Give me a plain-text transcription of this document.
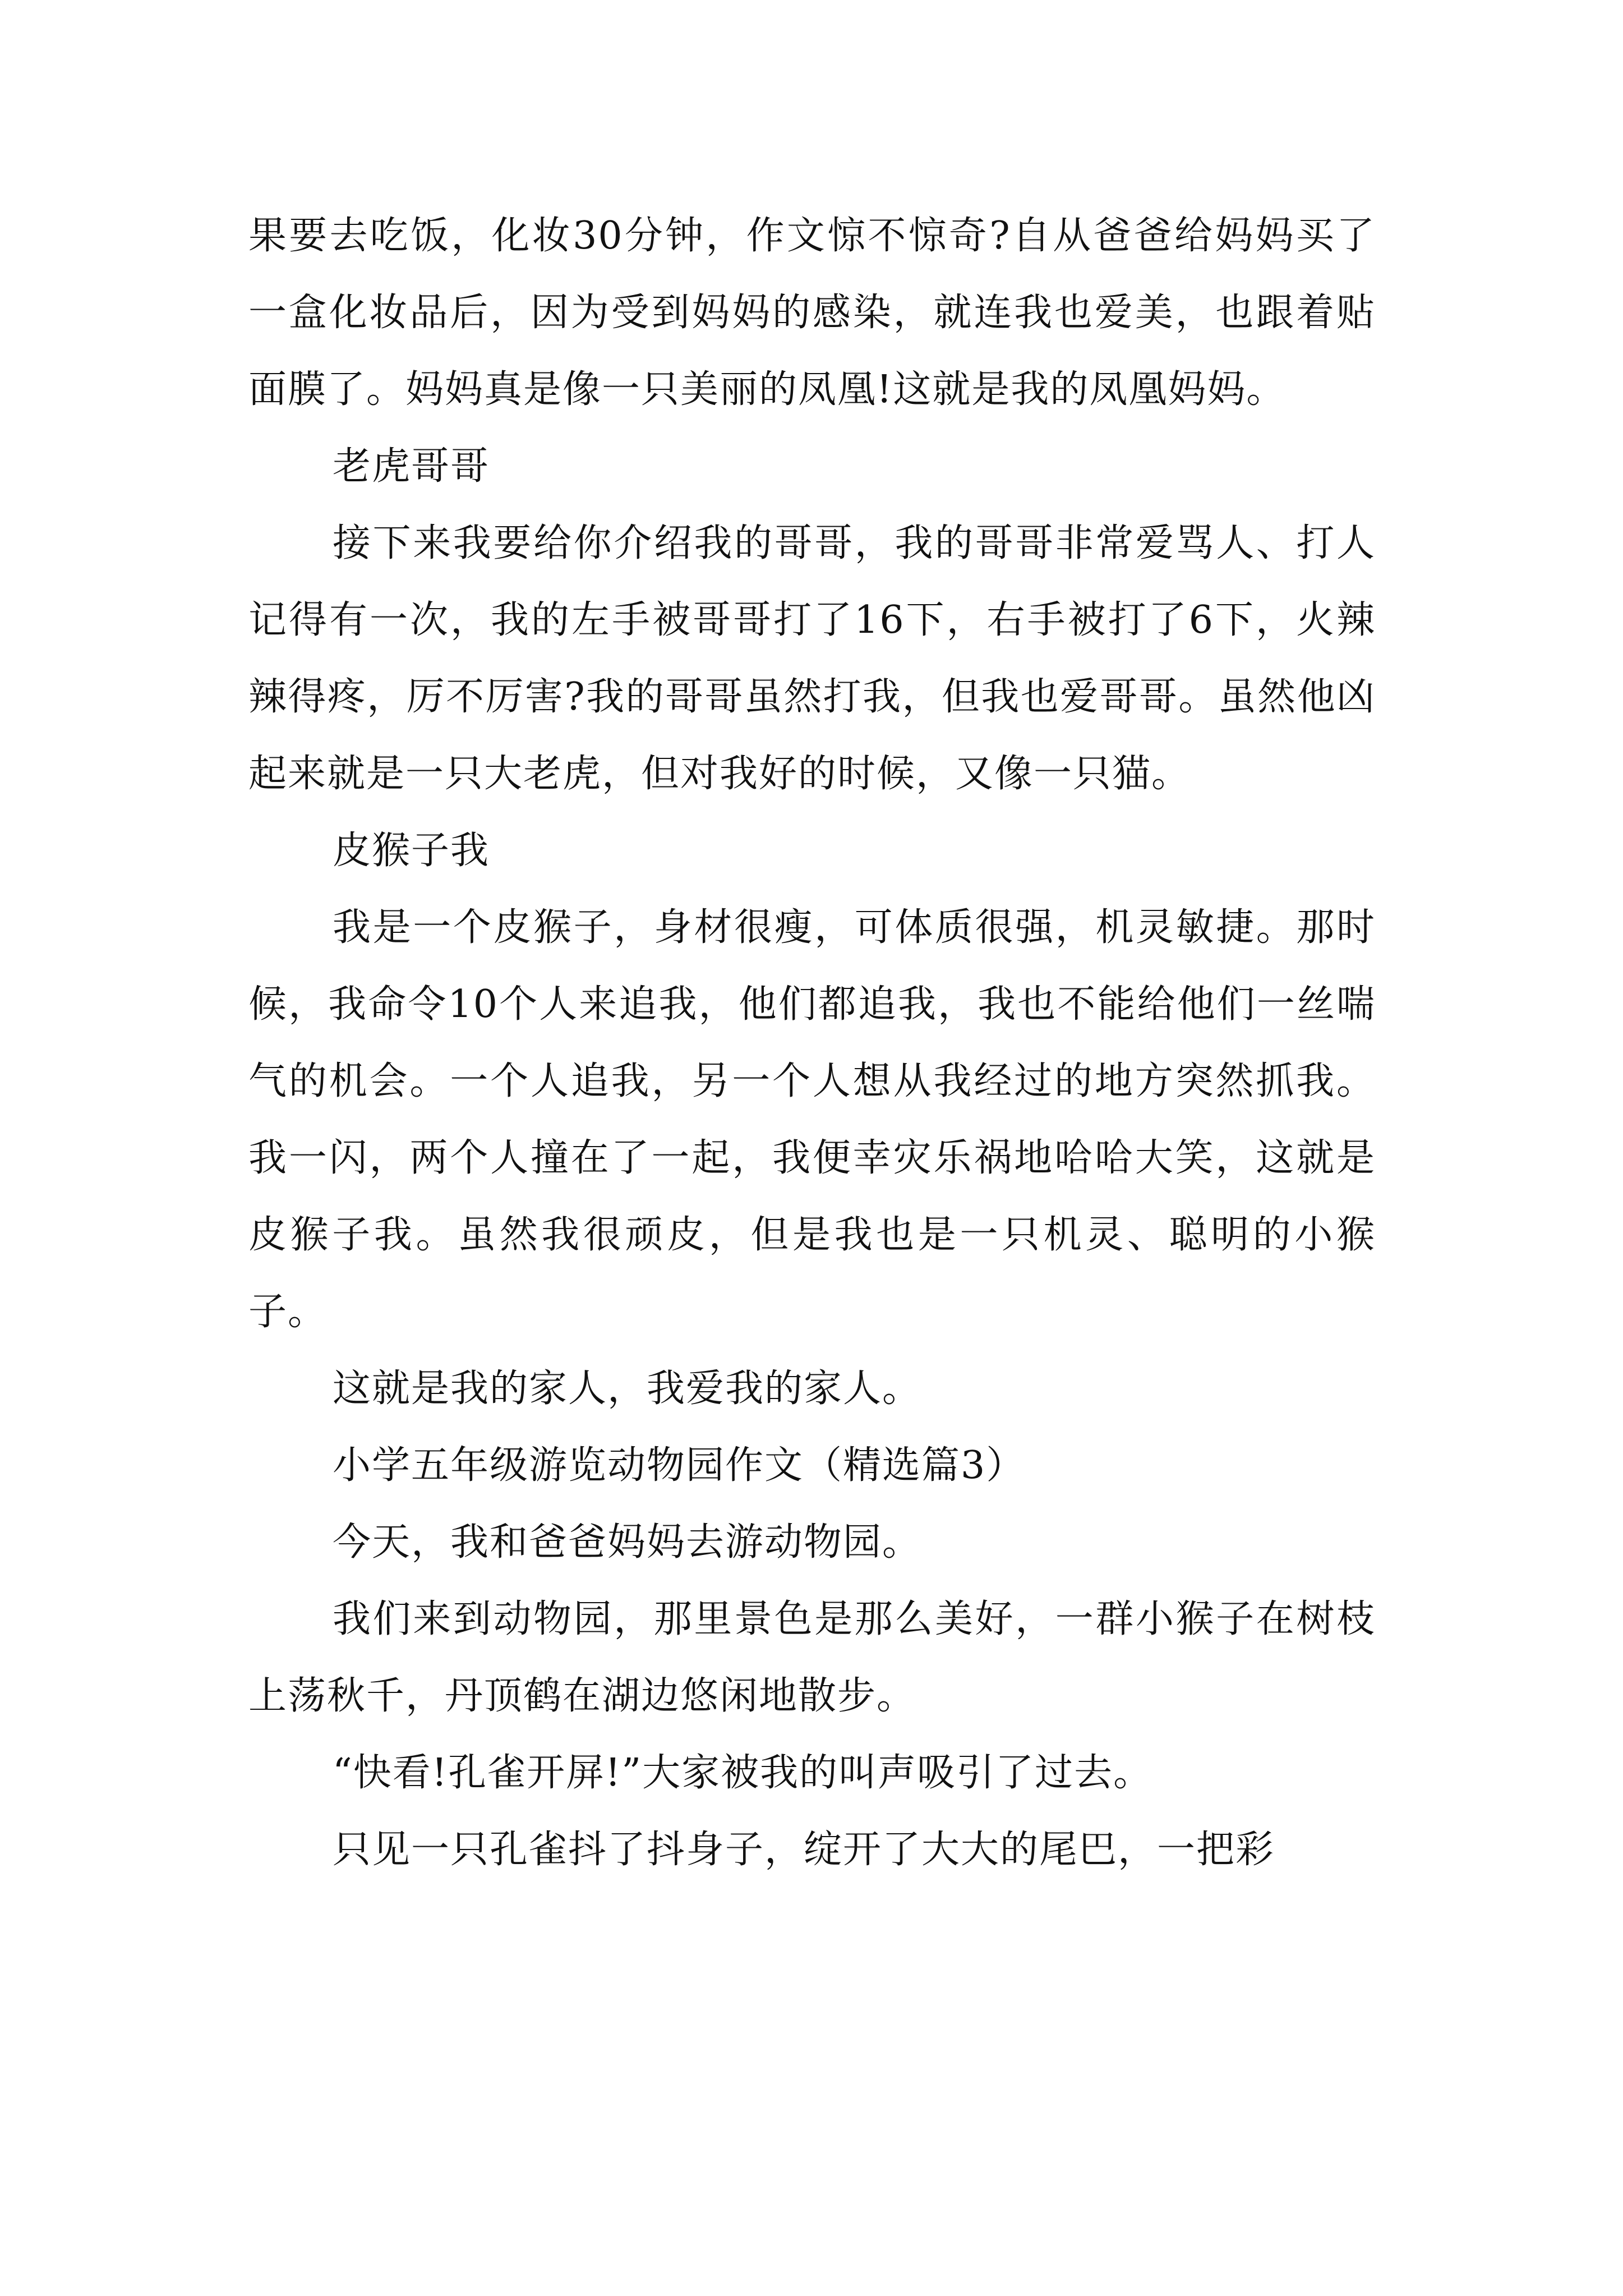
果要去吃饭，化妆30分钟，作文惊不惊奇?自从爸爸给妈妈买了一盒化妆品后，因为受到妈妈的感染，就连我也爱美，也跟着贴面膜了。妈妈真是像一只美丽的凤凰!这就是我的凤凰妈妈。

老虎哥哥

接下来我要给你介绍我的哥哥，我的哥哥非常爱骂人、打人记得有一次，我的左手被哥哥打了16下，右手被打了6下，火辣辣得疼，厉不厉害?我的哥哥虽然打我，但我也爱哥哥。虽然他凶起来就是一只大老虎，但对我好的时候，又像一只猫。

皮猴子我

我是一个皮猴子，身材很瘦，可体质很强，机灵敏捷。那时候，我命令10个人来追我，他们都追我，我也不能给他们一丝喘气的机会。一个人追我，另一个人想从我经过的地方突然抓我。我一闪，两个人撞在了一起，我便幸灾乐祸地哈哈大笑，这就是皮猴子我。虽然我很顽皮，但是我也是一只机灵、聪明的小猴子。

这就是我的家人，我爱我的家人。

小学五年级游览动物园作文（精选篇3）

今天，我和爸爸妈妈去游动物园。

我们来到动物园，那里景色是那么美好，一群小猴子在树枝上荡秋千，丹顶鹤在湖边悠闲地散步。

“快看!孔雀开屏!”大家被我的叫声吸引了过去。

只见一只孔雀抖了抖身子，绽开了大大的尾巴，一把彩
